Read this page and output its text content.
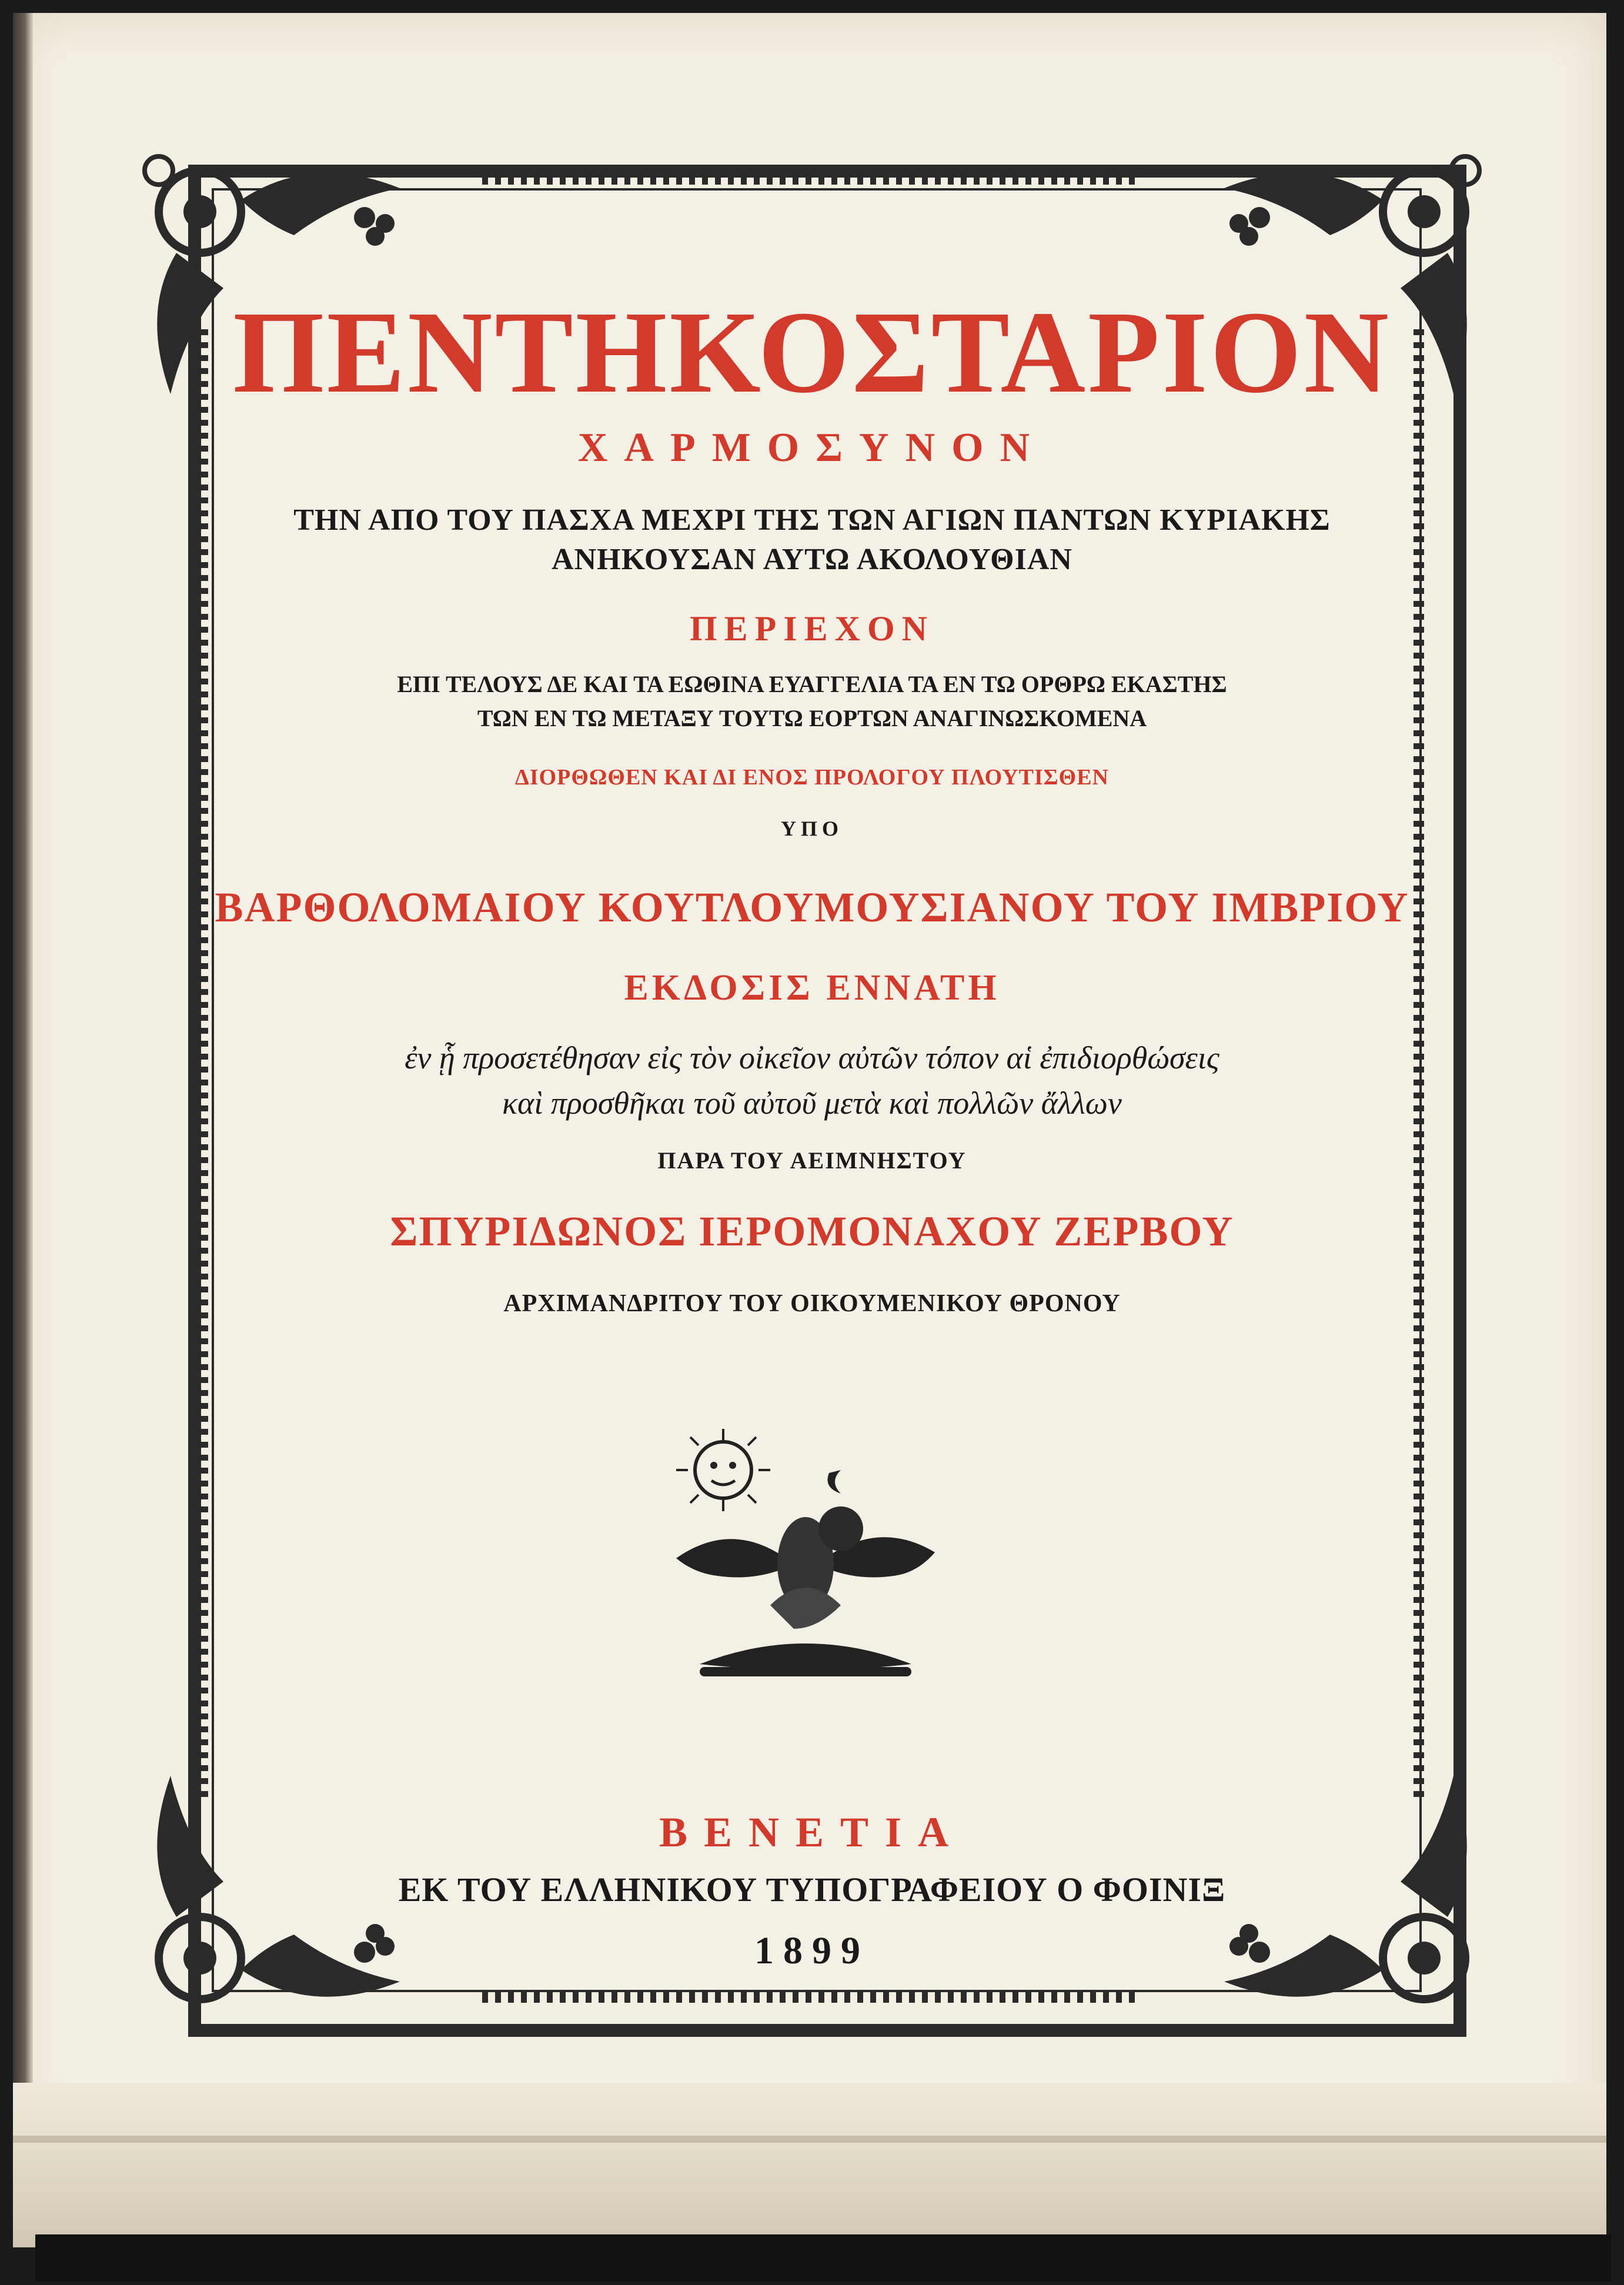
ΠΕΝΤΗΚΟΣΤΑΡΙΟΝ
ΧΑΡΜΟΣΥΝΟΝ
ΤΗΝ ΑΠΟ ΤΟΥ ΠΑΣΧΑ ΜΕΧΡΙ ΤΗΣ ΤΩΝ ΑΓΙΩΝ ΠΑΝΤΩΝ ΚΥΡΙΑΚΗΣ
ΑΝΗΚΟΥΣΑΝ ΑΥΤΩ ΑΚΟΛΟΥΘΙΑΝ
ΠΕΡΙΕΧΟΝ
ΕΠΙ ΤΕΛΟΥΣ ΔΕ ΚΑΙ ΤΑ ΕΩΘΙΝΑ ΕΥΑΓΓΕΛΙΑ ΤΑ ΕΝ ΤΩ ΟΡΘΡΩ ΕΚΑΣΤΗΣ
ΤΩΝ ΕΝ ΤΩ ΜΕΤΑΞΥ ΤΟΥΤΩ ΕΟΡΤΩΝ ΑΝΑΓΙΝΩΣΚΟΜΕΝΑ
ΔΙΟΡΘΩΘΕΝ ΚΑΙ ΔΙ ΕΝΟΣ ΠΡΟΛΟΓΟΥ ΠΛΟΥΤΙΣΘΕΝ
ΥΠΟ
ΒΑΡΘΟΛΟΜΑΙΟΥ ΚΟΥΤΛΟΥΜΟΥΣΙΑΝΟΥ ΤΟΥ ΙΜΒΡΙΟΥ
ΕΚΔΟΣΙΣ ΕΝΝΑΤΗ
ἐν ᾗ προσετέθησαν εἰς τὸν οἰκεῖον αὐτῶν τόπον αἱ ἐπιδιορθώσεις
καὶ προσθῆκαι τοῦ αὐτοῦ μετὰ καὶ πολλῶν ἄλλων
ΠΑΡΑ ΤΟΥ ΑΕΙΜΝΗΣΤΟΥ
ΣΠΥΡΙΔΩΝΟΣ ΙΕΡΟΜΟΝΑΧΟΥ ΖΕΡΒΟΥ
ΑΡΧΙΜΑΝΔΡΙΤΟΥ ΤΟΥ ΟΙΚΟΥΜΕΝΙΚΟΥ ΘΡΟΝΟΥ
ΒΕΝΕΤΙΑ
ΕΚ ΤΟΥ ΕΛΛΗΝΙΚΟΥ ΤΥΠΟΓΡΑΦΕΙΟΥ Ο ΦΟΙΝΙΞ
1899
